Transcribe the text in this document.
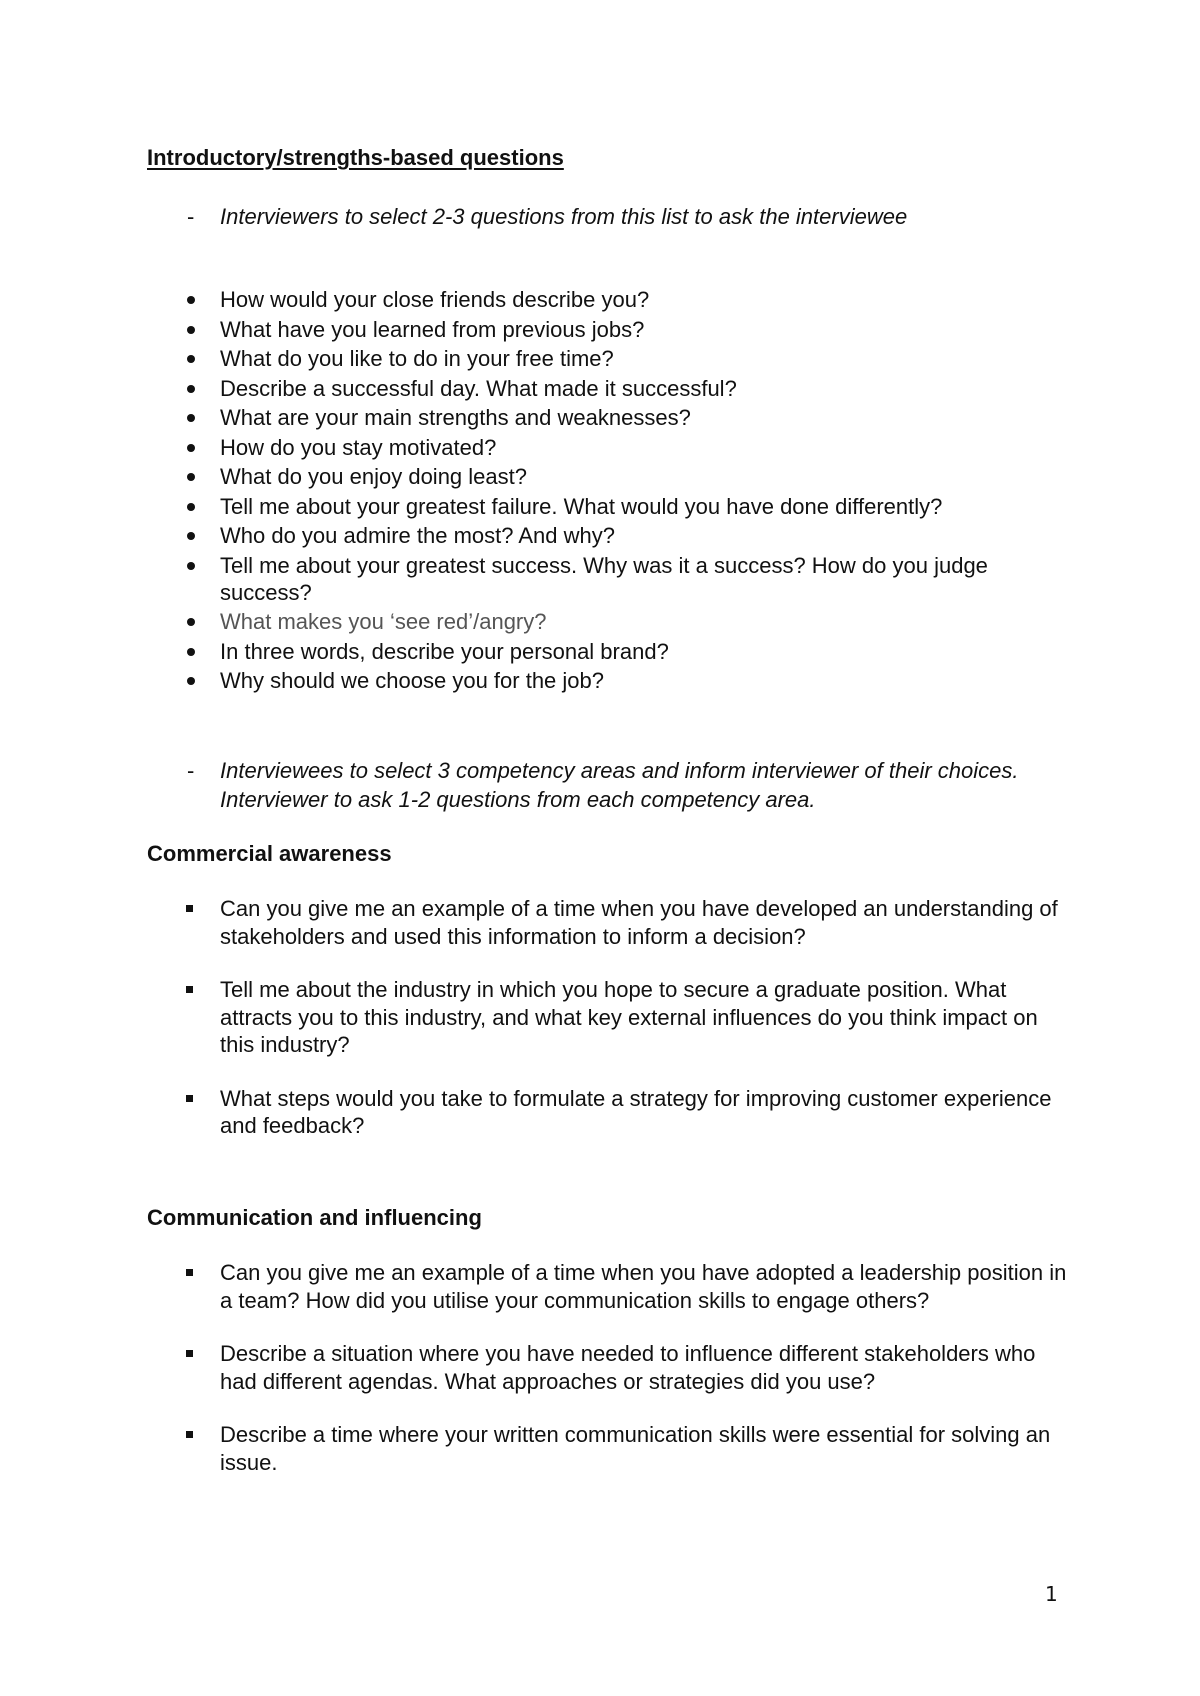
Introductory/strengths-based questions
- Interviewers to select 2-3 questions from this list to ask the interviewee
How would your close friends describe you?
What have you learned from previous jobs?
What do you like to do in your free time?
Describe a successful day. What made it successful?
What are your main strengths and weaknesses?
How do you stay motivated?
What do you enjoy doing least?
Tell me about your greatest failure. What would you have done differently?
Who do you admire the most? And why?
Tell me about your greatest success. Why was it a success? How do you judge success?
What makes you ‘see red’/angry?
In three words, describe your personal brand?
Why should we choose you for the job?
- Interviewees to select 3 competency areas and inform interviewer of their choices. Interviewer to ask 1-2 questions from each competency area.
Commercial awareness
Can you give me an example of a time when you have developed an understanding of stakeholders and used this information to inform a decision?
Tell me about the industry in which you hope to secure a graduate position. What attracts you to this industry, and what key external influences do you think impact on this industry?
What steps would you take to formulate a strategy for improving customer experience and feedback?
Communication and influencing
Can you give me an example of a time when you have adopted a leadership position in a team? How did you utilise your communication skills to engage others?
Describe a situation where you have needed to influence different stakeholders who had different agendas. What approaches or strategies did you use?
Describe a time where your written communication skills were essential for solving an issue.
1
